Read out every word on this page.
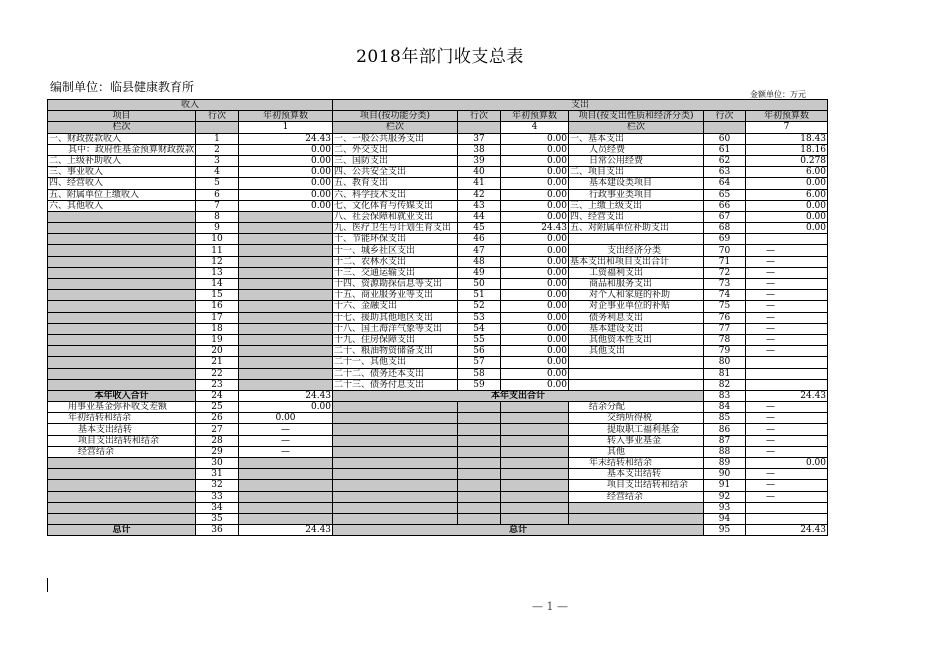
2018年部门收支总表
编制单位：临县健康教育所
金额单位：万元
收入			支出					
项目	行次	年初预算数	项目(按功能分类)	行次	年初预算数	项目(按支出性质和经济分类)	行次	年初预算数
栏次		1	栏次		4	栏次		7
一、财政拨款收入	1	24.43	一、一般公共服务支出	37	0.00	一、基本支出	60	18.43
其中：政府性基金预算财政拨款	2	0.00	二、外交支出	38	0.00	人员经费	61	18.16
二、上级补助收入	3	0.00	三、国防支出	39	0.00	日常公用经费	62	0.278
三、事业收入	4	0.00	四、公共安全支出	40	0.00	二、项目支出	63	6.00
四、经营收入	5	0.00	五、教育支出	41	0.00	基本建设类项目	64	0.00
五、附属单位上缴收入	6	0.00	六、科学技术支出	42	0.00	行政事业类项目	65	6.00
六、其他收入	7	0.00	七、文化体育与传媒支出	43	0.00	三、上缴上级支出	66	0.00
	8		八、社会保障和就业支出	44	0.00	四、经营支出	67	0.00
	9		九、医疗卫生与计划生育支出	45	24.43	五、对附属单位补助支出	68	0.00
	10		十、节能环保支出	46	0.00		69	
	11		十一、城乡社区支出	47	0.00	支出经济分类	70	—
	12		十二、农林水支出	48	0.00	基本支出和项目支出合计	71	—
	13		十三、交通运输支出	49	0.00	工资福利支出	72	—
	14		十四、资源勘探信息等支出	50	0.00	商品和服务支出	73	—
	15		十五、商业服务业等支出	51	0.00	对个人和家庭的补助	74	—
	16		十六、金融支出	52	0.00	对企事业单位的补贴	75	—
	17		十七、援助其他地区支出	53	0.00	债务利息支出	76	—
	18		十八、国土海洋气象等支出	54	0.00	基本建设支出	77	—
	19		十九、住房保障支出	55	0.00	其他资本性支出	78	—
	20		二十、粮油物资储备支出	56	0.00	其他支出	79	—
	21		二十一、其他支出	57	0.00		80	
	22		二十二、债务还本支出	58	0.00		81	
	23		二十三、债务付息支出	59	0.00		82	
本年收入合计	24	24.43	本年支出合计				83	24.43
用事业基金弥补收支差额	25	0.00				结余分配	84	—
年初结转和结余	26	0.00				交纳所得税	85	—
基本支出结转	27	—				提取职工福利基金	86	—
项目支出结转和结余	28	—				转入事业基金	87	—
经营结余	29	—				其他	88	—
	30					年末结转和结余	89	0.00
	31					基本支出结转	90	—
	32					项目支出结转和结余	91	—
	33					经营结余	92	—
	34						93	
	35						94	
总计	36	24.43	总计				95	24.43
— 1 —
